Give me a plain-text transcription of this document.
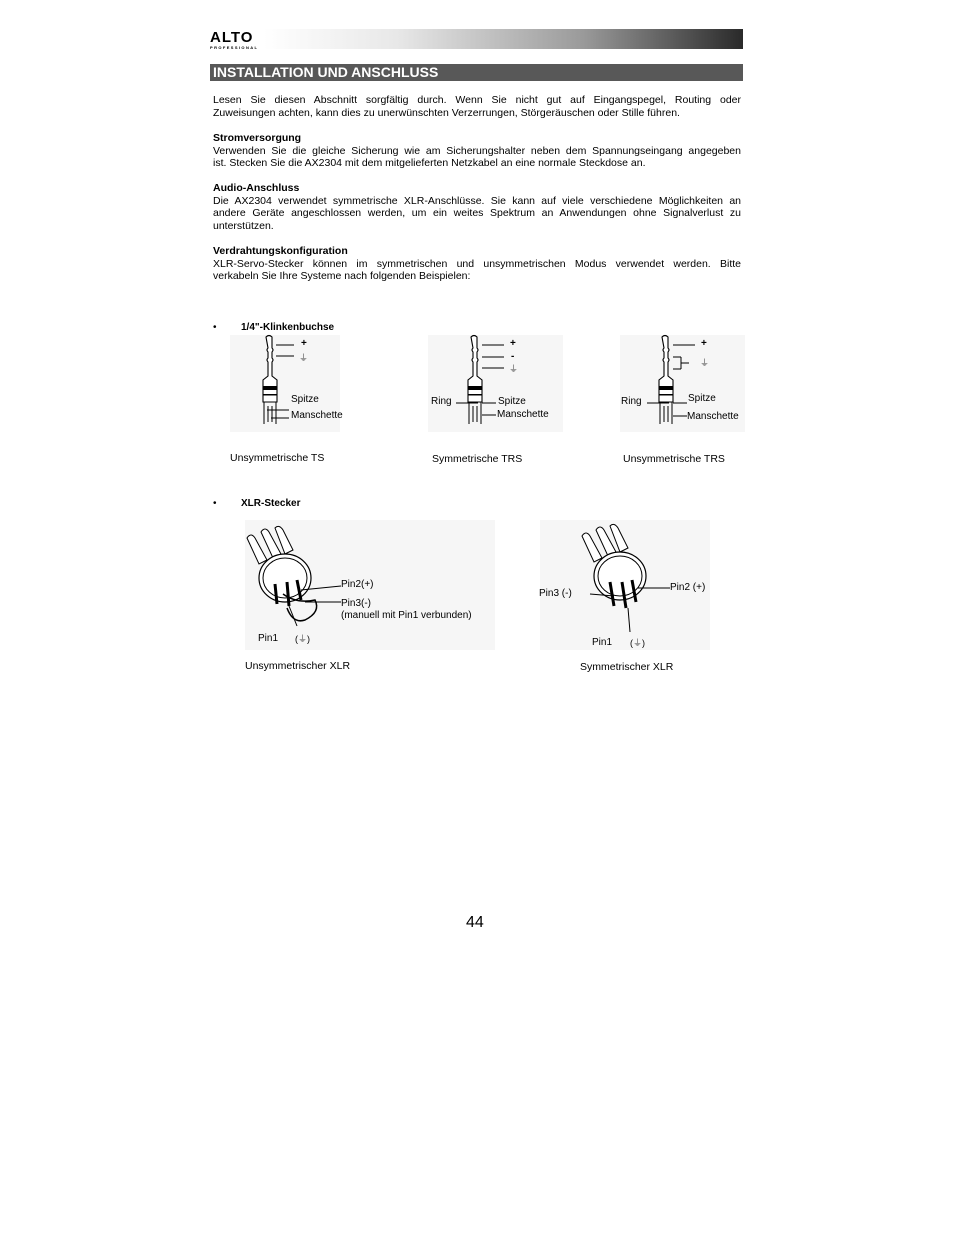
ALTO
PROFESSIONAL
INSTALLATION UND ANSCHLUSS
Lesen Sie diesen Abschnitt sorgfältig durch. Wenn Sie nicht gut auf Eingangspegel, Routing oder
Zuweisungen achten, kann dies zu unerwünschten Verzerrungen, Störgeräuschen oder Stille führen.
Stromversorgung
Verwenden Sie die gleiche Sicherung wie am Sicherungshalter neben dem Spannungseingang angegeben
ist. Stecken Sie die AX2304 mit dem mitgelieferten Netzkabel an eine normale Steckdose an.
Audio-Anschluss
Die AX2304 verwendet symmetrische XLR-Anschlüsse. Sie kann auf viele verschiedene Möglichkeiten an
andere Geräte angeschlossen werden, um ein weites Spektrum an Anwendungen ohne Signalverlust zu
unterstützen.
Verdrahtungskonfiguration
XLR-Servo-Stecker können im symmetrischen und unsymmetrischen Modus verwendet werden. Bitte
verkabeln Sie Ihre Systeme nach folgenden Beispielen:
• 1/4"-Klinkenbuchse
+
⏚
Spitze
Manschette
Unsymmetrische TS
+
-
⏚
Ring	Spitze
Manschette
Symmetrische TRS
+
⏚
Ring	Spitze
Manschette
Unsymmetrische TRS
• XLR-Stecker
Pin2(+)
Pin3(-)
(manuell mit Pin1 verbunden)
Pin1 (⏚)
Unsymmetrischer XLR
Pin2 (+)
Pin3 (-)
Pin1 (⏚)
Symmetrischer XLR
44
